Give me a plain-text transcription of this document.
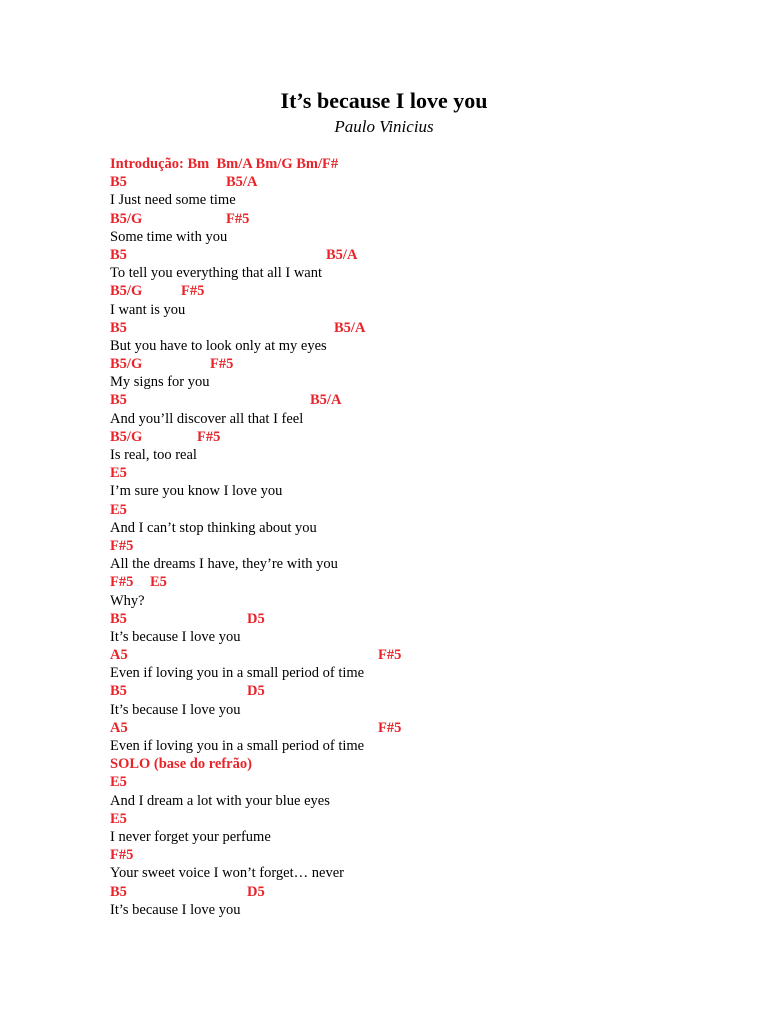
It’s because I love you
Paulo Vinicius
Introdução: Bm  Bm/A Bm/G Bm/F#
B5	B5/A
I Just need some time
B5/G	F#5
Some time with you
B5	B5/A
To tell you everything that all I want
B5/G	F#5
I want is you
B5	B5/A
But you have to look only at my eyes
B5/G	F#5
My signs for you
B5	B5/A
And you’ll discover all that I feel
B5/G	F#5
Is real, too real
E5
I’m sure you know I love you
E5
And I can’t stop thinking about you
F#5
All the dreams I have, they’re with you
F#5 E5
Why?
B5	D5
It’s because I love you
A5	F#5
Even if loving you in a small period of time
B5	D5
It’s because I love you
A5	F#5
Even if loving you in a small period of time
SOLO (base do refrão)
E5
And I dream a lot with your blue eyes
E5
I never forget your perfume
F#5
Your sweet voice I won’t forget… never
B5	D5
It’s because I love you
